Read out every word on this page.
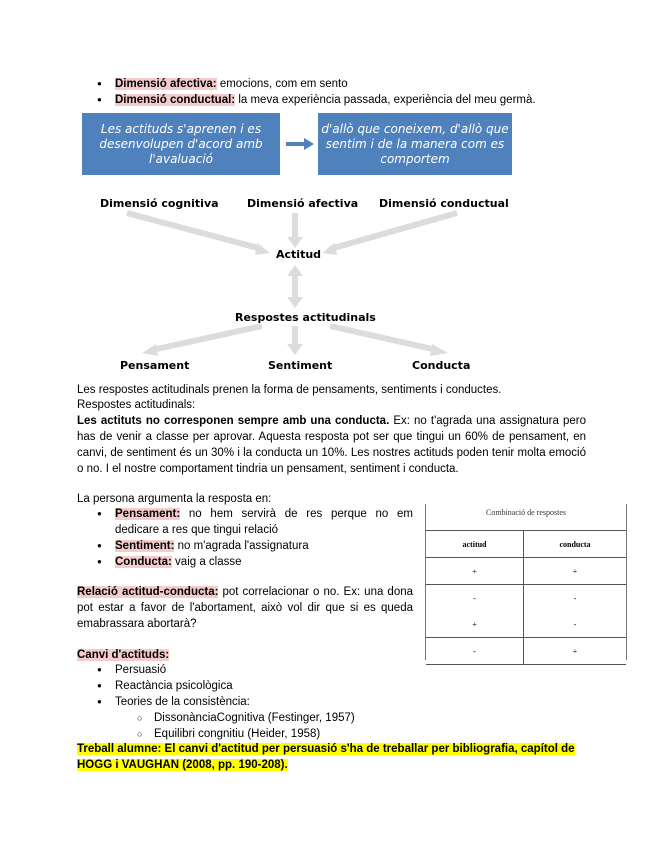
● Dimensió afectiva: emocions, com em sento
● Dimensió conductual: la meva experiència passada, experiència del meu germà.
Les actituds s'aprenen i es desenvolupen d'acord amb l'avaluació
d'allò que coneixem, d'allò que sentim i de la manera com es comportem
Dimensió cognitiva	Dimensió afectiva Dimensió conductual
Actitud
Respostes actitudinals
Pensament	Sentiment	Conducta

Les respostes actitudinals prenen la forma de pensaments, sentiments i conductes.

Respostes actitudinals:

Les actituts no corresponen sempre amb una conducta. Ex: no t'agrada una assignatura pero has de venir a classe per aprovar. Aquesta resposta pot ser que tingui un 60% de pensament, en canvi, de sentiment és un 30% i la conducta un 10%. Les nostres actituds poden tenir molta emoció o no. I el nostre comportament tindria un pensament, sentiment i conducta.

La persona argumenta la resposta en:

● Pensament: no hem servirà de res perque no em dedicare a res que tingui relació
● Sentiment: no m'agrada l'assignatura
● Conducta: vaig a classe

Relació actitud-conducta: pot correlacionar o no. Ex: una dona pot estar a favor de l'abortament, això vol dir que si es queda emabrassara abortarà?

Combinació de respostes
actitud	conducta
+	+
-	-
+	-
-	+

Canvi d'actituds:

● Persuasió
● Reactància psicològica
● Teories de la consistència:
○ DissonànciaCognitiva (Festinger, 1957)
○ Equilibri congnitiu (Heider, 1958)

Treball alumne: El canvi d'actitud per persuasió s'ha de treballar per bibliografia, capítol de HOGG i VAUGHAN (2008, pp. 190-208).
